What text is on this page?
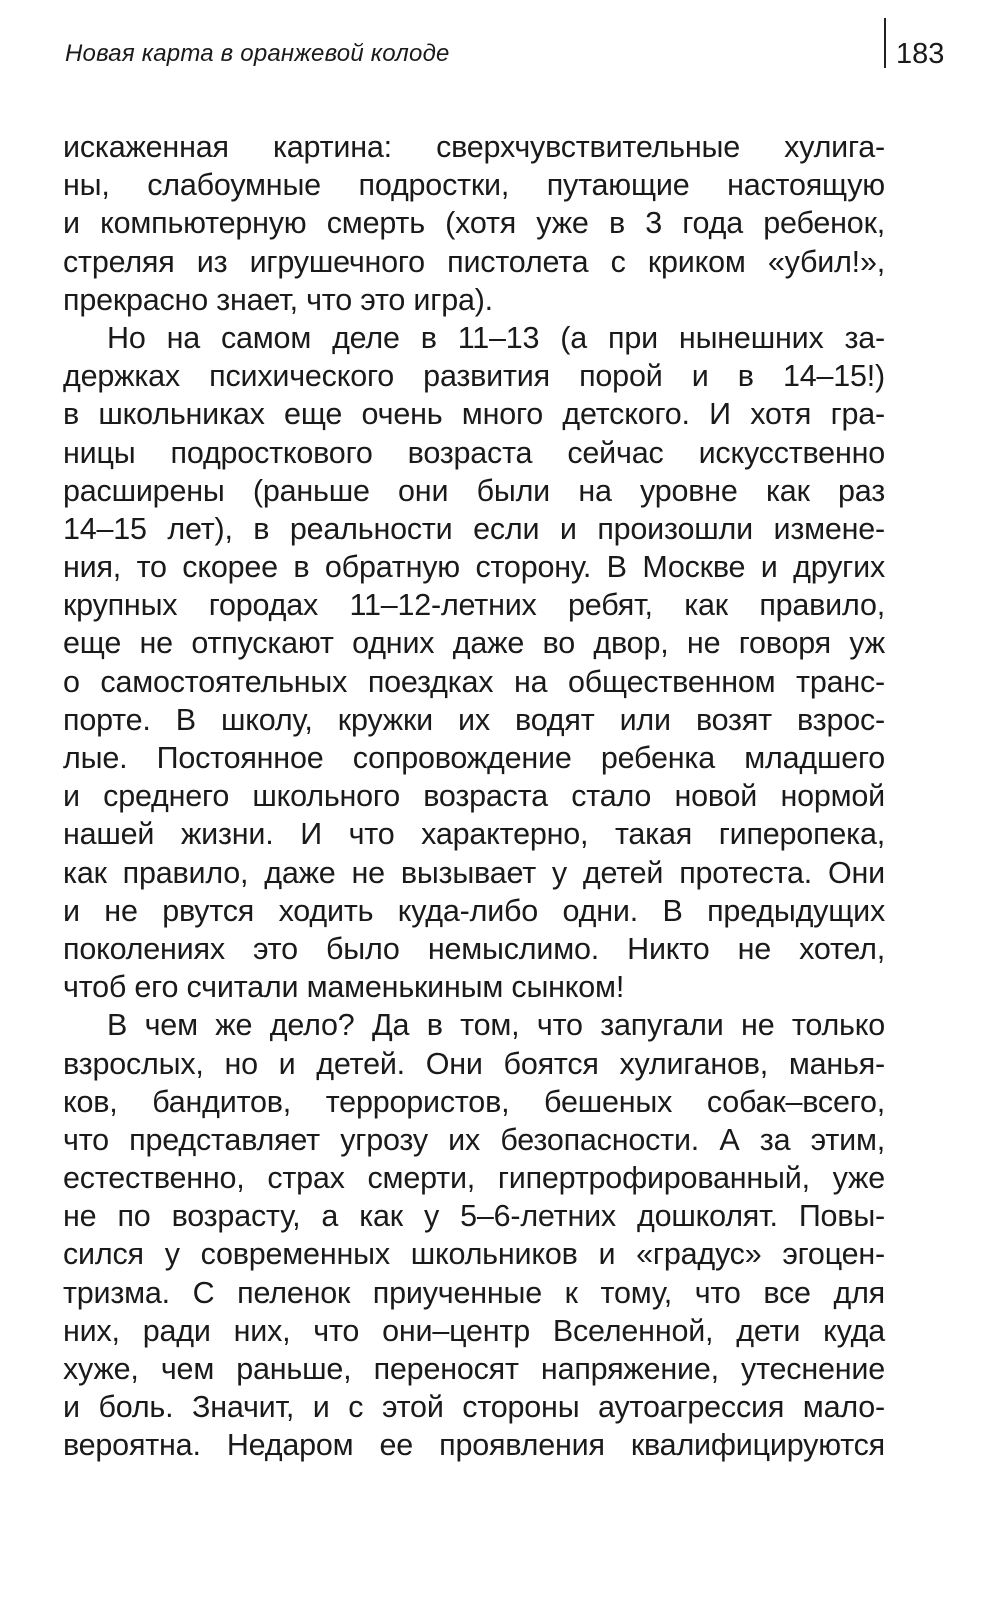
Новая карта в оранжевой колоде	183
искаженная картина: сверхчувствительные хулига-
ны, слабоумные подростки, путающие настоящую
и компьютерную смерть (хотя уже в 3 года ребенок,
стреляя из игрушечного пистолета с криком «убил!»,
прекрасно знает, что это игра).
Но на самом деле в 11–13 (а при нынешних за-
держках психического развития порой и в 14–15!)
в школьниках еще очень много детского. И хотя гра-
ницы подросткового возраста сейчас искусственно
расширены (раньше они были на уровне как раз
14–15 лет), в реальности если и произошли измене-
ния, то скорее в обратную сторону. В Москве и других
крупных городах 11–12-летних ребят, как правило,
еще не отпускают одних даже во двор, не говоря уж
о самостоятельных поездках на общественном транс-
порте. В школу, кружки их водят или возят взрос-
лые. Постоянное сопровождение ребенка младшего
и среднего школьного возраста стало новой нормой
нашей жизни. И что характерно, такая гиперопека,
как правило, даже не вызывает у детей протеста. Они
и не рвутся ходить куда-либо одни. В предыдущих
поколениях это было немыслимо. Никто не хотел,
чтоб его считали маменькиным сынком!
В чем же дело? Да в том, что запугали не только
взрослых, но и детей. Они боятся хулиганов, манья-
ков, бандитов, террористов, бешеных собак–всего,
что представляет угрозу их безопасности. А за этим,
естественно, страх смерти, гипертрофированный, уже
не по возрасту, а как у 5–6-летних дошколят. Повы-
сился у современных школьников и «градус» эгоцен-
тризма. С пеленок приученные к тому, что все для
них, ради них, что они–центр Вселенной, дети куда
хуже, чем раньше, переносят напряжение, утеснение
и боль. Значит, и с этой стороны аутоагрессия мало-
вероятна. Недаром ее проявления квалифицируются
